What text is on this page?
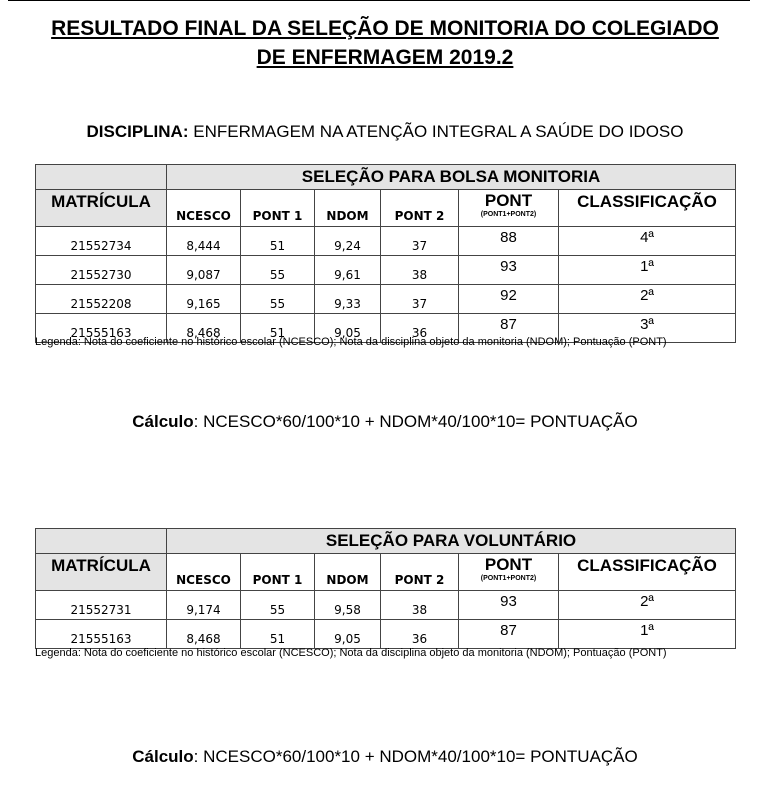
RESULTADO FINAL DA SELEÇÃO DE MONITORIA DO COLEGIADO
DE ENFERMAGEM 2019.2
DISCIPLINA: ENFERMAGEM NA ATENÇÃO INTEGRAL A SAÚDE DO IDOSO
	SELEÇÃO PARA BOLSA MONITORIA					
MATRÍCULA	NCESCO	PONT 1	NDOM	PONT 2	PONT
(PONT1+PONT2)	CLASSIFICAÇÃO
21552734	8,444	51	9,24	37	88	4ª
21552730	9,087	55	9,61	38	93	1ª
21552208	9,165	55	9,33	37	92	2ª
21555163	8,468	51	9,05	36	87	3ª
Legenda: Nota do coeficiente no histórico escolar (NCESCO); Nota da disciplina objeto da monitoria (NDOM); Pontuação (PONT)
Cálculo: NCESCO*60/100*10 + NDOM*40/100*10= PONTUAÇÃO
	SELEÇÃO PARA VOLUNTÁRIO					
MATRÍCULA	NCESCO	PONT 1	NDOM	PONT 2	PONT
(PONT1+PONT2)	CLASSIFICAÇÃO
21552731	9,174	55	9,58	38	93	2ª
21555163	8,468	51	9,05	36	87	1ª
Legenda: Nota do coeficiente no histórico escolar (NCESCO); Nota da disciplina objeto da monitoria (NDOM); Pontuação (PONT)
Cálculo: NCESCO*60/100*10 + NDOM*40/100*10= PONTUAÇÃO
